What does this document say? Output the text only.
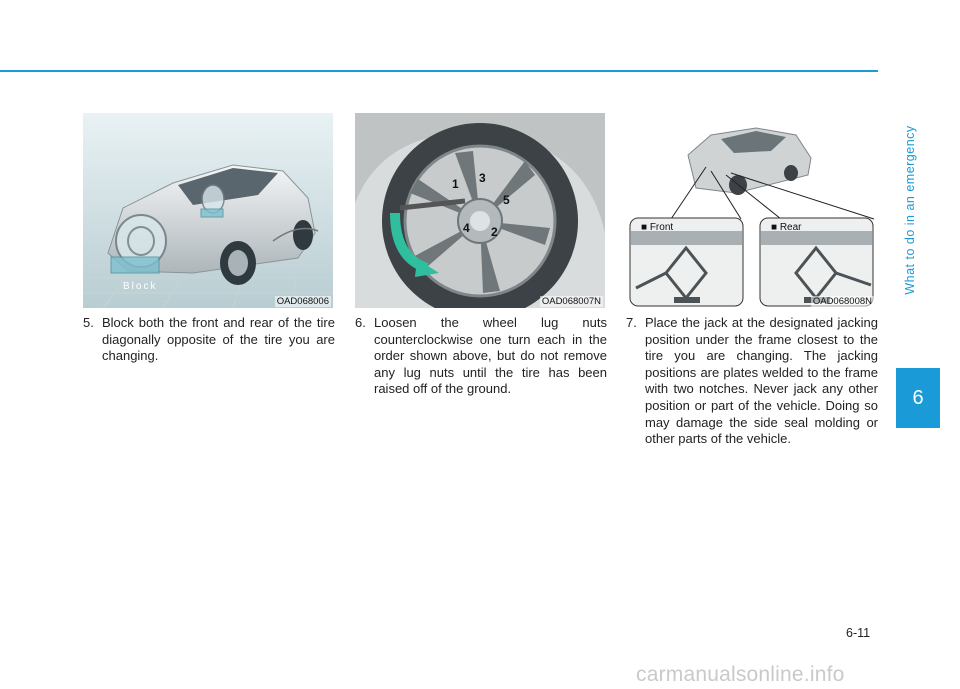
What to do in an emergency
6
Block
OAD068006
1
2
3
4
5
OAD068007N
■ Front	■ Rear
OAD068008N
5. Block both the front and rear of the tire diagonally opposite of the tire you are changing.
6. Loosen the wheel lug nuts counterclockwise one turn each in the order shown above, but do not remove any lug nuts until the tire has been raised off of the ground.
7. Place the jack at the designated jacking position under the frame closest to the tire you are changing. The jacking positions are plates welded to the frame with two notches. Never jack any other position or part of the vehicle. Doing so may damage the side seal molding or other parts of the vehicle.
6-11
carmanualsonline.info
